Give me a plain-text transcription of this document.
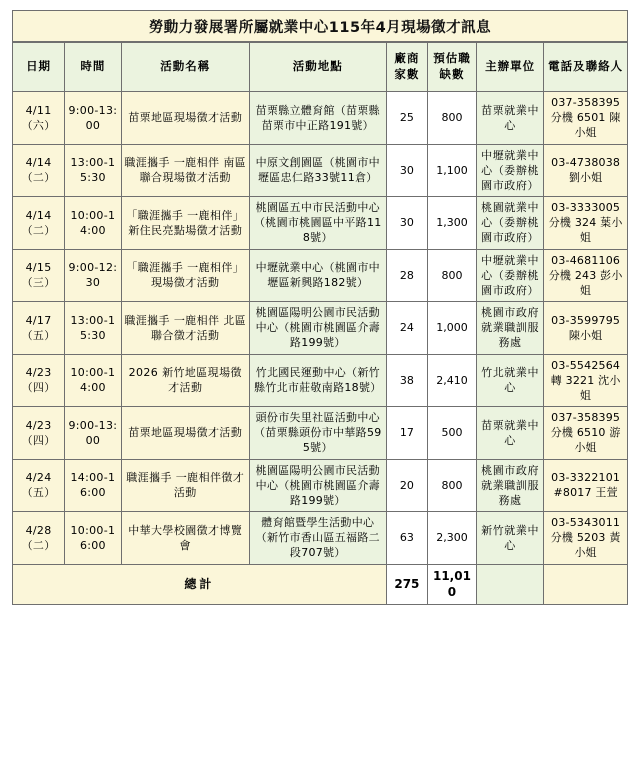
勞動力發展署所屬就業中心115年4月現場徵才訊息
日期	時間	活動名稱	活動地點	廠商家數	預估職缺數	主辦單位	電話及聯絡人
4/11（六）	9:00-13:00	苗栗地區現場徵才活動	苗栗縣立體育館（苗栗縣苗栗市中正路191號）	25	800	苗栗就業中心	037-358395 分機 6501 陳小姐
4/14（二）	13:00-15:30	職涯攜手 一鹿相伴 南區聯合現場徵才活動	中原文創園區（桃園市中壢區忠仁路33號11倉）	30	1,100	中壢就業中心（委辦桃園市政府）	03-4738038 劉小姐
4/14（二）	10:00-14:00	「職涯攜手 一鹿相伴」新住民亮點場徵才活動	桃園區五中市民活動中心（桃園市桃園區中平路118號）	30	1,300	桃園就業中心（委辦桃園市政府）	03-3333005 分機 324 葉小姐
4/15（三）	9:00-12:30	「職涯攜手 一鹿相伴」現場徵才活動	中壢就業中心（桃園市中壢區新興路182號）	28	800	中壢就業中心（委辦桃園市政府）	03-4681106 分機 243 彭小姐
4/17（五）	13:00-15:30	職涯攜手 一鹿相伴 北區聯合徵才活動	桃園區陽明公園市民活動中心（桃園市桃園區介壽路199號）	24	1,000	桃園市政府就業職訓服務處	03-3599795 陳小姐
4/23（四）	10:00-14:00	2026 新竹地區現場徵才活動	竹北國民運動中心（新竹縣竹北市莊敬南路18號）	38	2,410	竹北就業中心	03-5542564 轉 3221 沈小姐
4/23（四）	9:00-13:00	苗栗地區現場徵才活動	頭份市失里社區活動中心（苗栗縣頭份市中華路595號）	17	500	苗栗就業中心	037-358395 分機 6510 游小姐
4/24（五）	14:00-16:00	職涯攜手 一鹿相伴徵才活動	桃園區陽明公園市民活動中心（桃園市桃園區介壽路199號）	20	800	桃園市政府就業職訓服務處	03-3322101 #8017 王萱
4/28（二）	10:00-16:00	中華大學校園徵才博覽會	體育館暨學生活動中心（新竹市香山區五福路二段707號）	63	2,300	新竹就業中心	03-5343011 分機 5203 黃小姐
總計				275	11,010		
